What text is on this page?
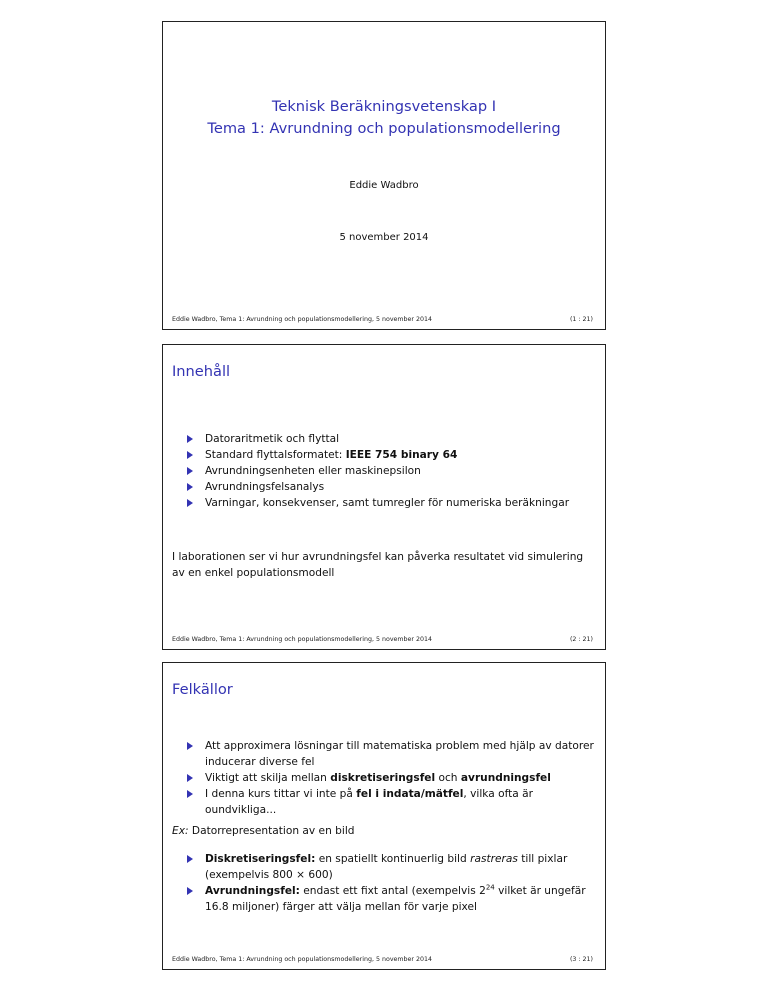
Teknisk Beräkningsvetenskap I
Tema 1: Avrundning och populationsmodellering
Eddie Wadbro
5 november 2014
Eddie Wadbro, Tema 1: Avrundning och populationsmodellering, 5 november 2014	(1 : 21)
Innehåll
Datoraritmetik och flyttal
Standard flyttalsformatet: IEEE 754 binary 64
Avrundningsenheten eller maskinepsilon
Avrundningsfelsanalys
Varningar, konsekvenser, samt tumregler för numeriska beräkningar
I laborationen ser vi hur avrundningsfel kan påverka resultatet vid simulering av en enkel populationsmodell
Eddie Wadbro, Tema 1: Avrundning och populationsmodellering, 5 november 2014	(2 : 21)
Felkällor
Att approximera lösningar till matematiska problem med hjälp av datorer inducerar diverse fel
Viktigt att skilja mellan diskretiseringsfel och avrundningsfel
I denna kurs tittar vi inte på fel i indata/mätfel, vilka ofta är oundvikliga...
Ex: Datorrepresentation av en bild
Diskretiseringsfel: en spatiellt kontinuerlig bild rastreras till pixlar (exempelvis 800 × 600)
Avrundningsfel: endast ett fixt antal (exempelvis $2^{24}$ vilket är ungefär 16.8 miljoner) färger att välja mellan för varje pixel
Eddie Wadbro, Tema 1: Avrundning och populationsmodellering, 5 november 2014	(3 : 21)
